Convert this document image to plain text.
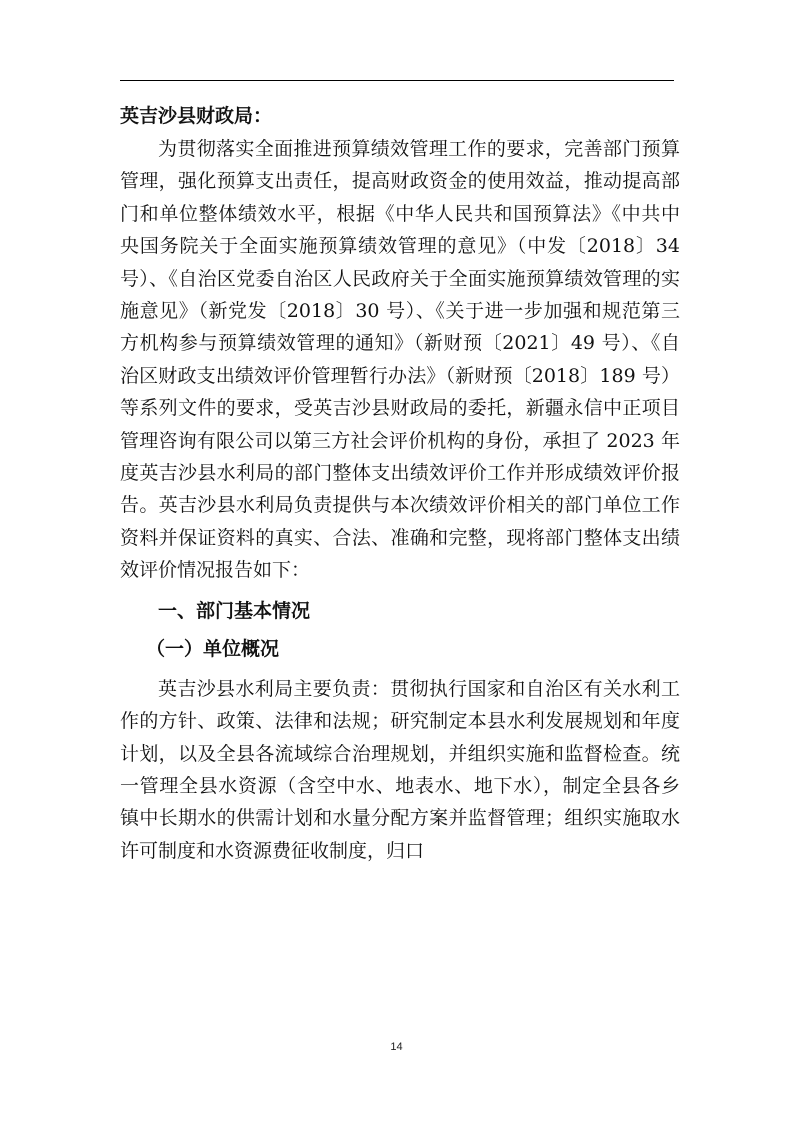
英吉沙县财政局：

为贯彻落实全面推进预算绩效管理工作的要求，完善部门预算管理，强化预算支出责任，提高财政资金的使用效益，推动提高部门和单位整体绩效水平，根据《中华人民共和国预算法》《中共中央国务院关于全面实施预算绩效管理的意见》（中发〔2018〕34 号）、《自治区党委自治区人民政府关于全面实施预算绩效管理的实施意见》（新党发〔2018〕30 号）、《关于进一步加强和规范第三方机构参与预算绩效管理的通知》（新财预〔2021〕49 号）、《自治区财政支出绩效评价管理暂行办法》（新财预〔2018〕189 号）等系列文件的要求，受英吉沙县财政局的委托，新疆永信中正项目管理咨询有限公司以第三方社会评价机构的身份，承担了 2023 年度英吉沙县水利局的部门整体支出绩效评价工作并形成绩效评价报告。英吉沙县水利局负责提供与本次绩效评价相关的部门单位工作资料并保证资料的真实、合法、准确和完整，现将部门整体支出绩效评价情况报告如下：

一、部门基本情况

（一）单位概况

英吉沙县水利局主要负责：贯彻执行国家和自治区有关水利工作的方针、政策、法律和法规；研究制定本县水利发展规划和年度计划，以及全县各流域综合治理规划，并组织实施和监督检查。统一管理全县水资源（含空中水、地表水、地下水），制定全县各乡镇中长期水的供需计划和水量分配方案并监督管理；组织实施取水许可制度和水资源费征收制度，归口

14
